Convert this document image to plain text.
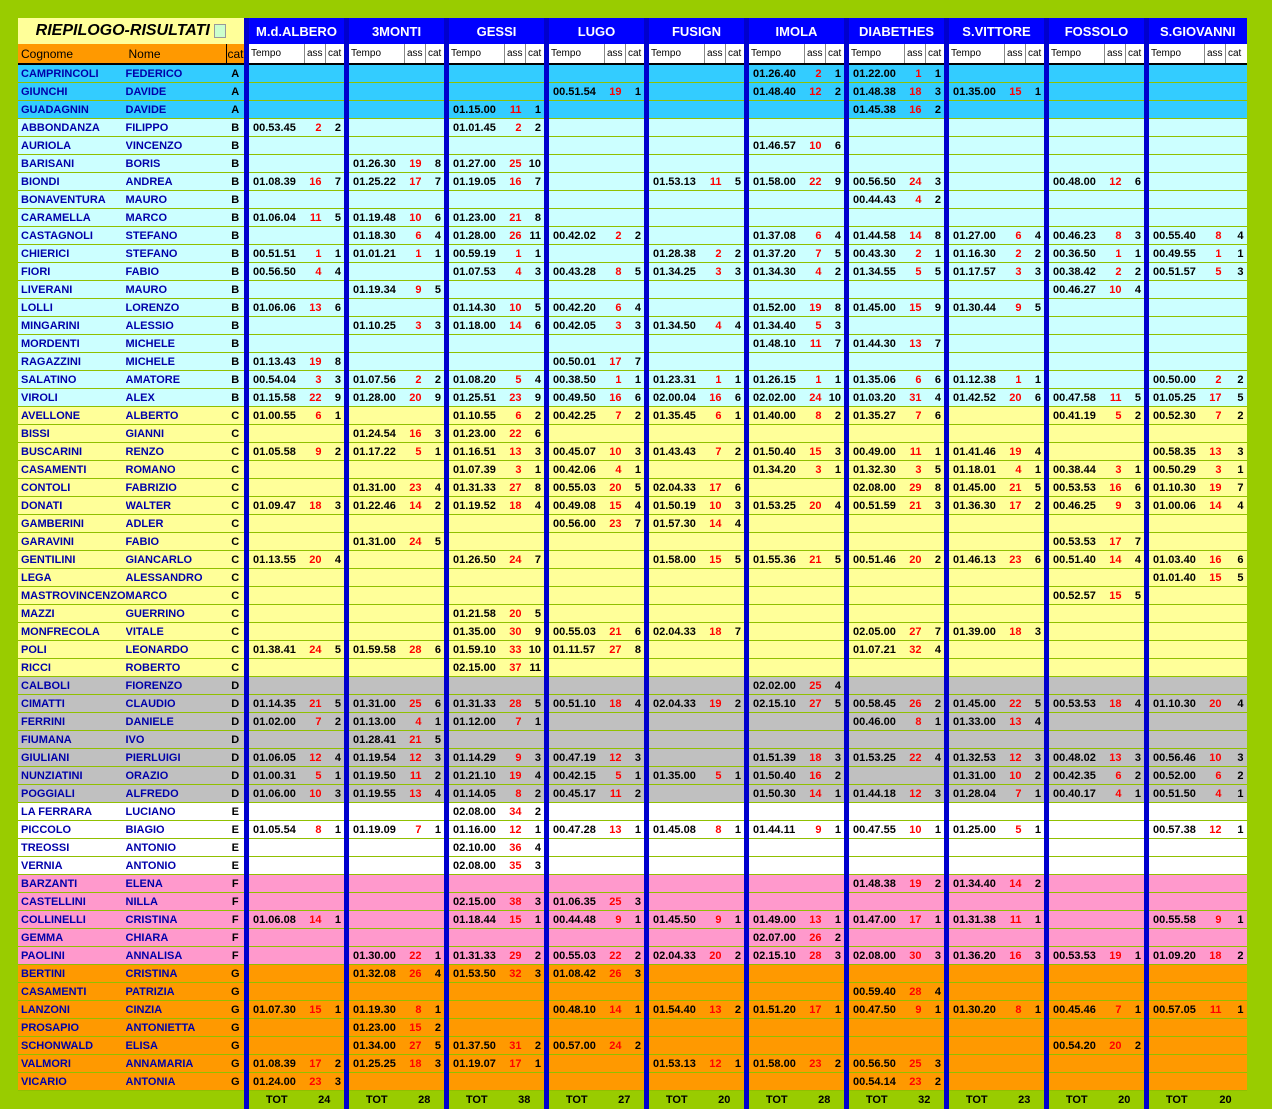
RIEPILOGO-RISULTATI			M.d.ALBERO			3MONTI			GESSI			LUGO			FUSIGN			IMOLA			DIABETHES			S.VITTORE			FOSSOLO			S.GIOVANNI		
Cognome	Nome	cat	Tempo	ass	cat	Tempo	ass	cat	Tempo	ass	cat	Tempo	ass	cat	Tempo	ass	cat	Tempo	ass	cat	Tempo	ass	cat	Tempo	ass	cat	Tempo	ass	cat	Tempo	ass	cat
CAMPRINCOLI	FEDERICO	A																01.26.40	2	1	01.22.00	1	1									
GIUNCHI	DAVIDE	A										00.51.54	19	1				01.48.40	12	2	01.48.38	18	3	01.35.00	15	1						
GUADAGNIN	DAVIDE	A							01.15.00	11	1										01.45.38	16	2									
ABBONDANZA	FILIPPO	B	00.53.45	2	2				01.01.45	2	2																					
AURIOLA	VINCENZO	B																01.46.57	10	6												
BARISANI	BORIS	B				01.26.30	19	8	01.27.00	25	10																					
BIONDI	ANDREA	B	01.08.39	16	7	01.25.22	17	7	01.19.05	16	7				01.53.13	11	5	01.58.00	22	9	00.56.50	24	3				00.48.00	12	6			
BONAVENTURA	MAURO	B																			00.44.43	4	2									
CARAMELLA	MARCO	B	01.06.04	11	5	01.19.48	10	6	01.23.00	21	8																					
CASTAGNOLI	STEFANO	B				01.18.30	6	4	01.28.00	26	11	00.42.02	2	2				01.37.08	6	4	01.44.58	14	8	01.27.00	6	4	00.46.23	8	3	00.55.40	8	4
CHIERICI	STEFANO	B	00.51.51	1	1	01.01.21	1	1	00.59.19	1	1				01.28.38	2	2	01.37.20	7	5	00.43.30	2	1	01.16.30	2	2	00.36.50	1	1	00.49.55	1	1
FIORI	FABIO	B	00.56.50	4	4				01.07.53	4	3	00.43.28	8	5	01.34.25	3	3	01.34.30	4	2	01.34.55	5	5	01.17.57	3	3	00.38.42	2	2	00.51.57	5	3
LIVERANI	MAURO	B				01.19.34	9	5																			00.46.27	10	4			
LOLLI	LORENZO	B	01.06.06	13	6				01.14.30	10	5	00.42.20	6	4				01.52.00	19	8	01.45.00	15	9	01.30.44	9	5						
MINGARINI	ALESSIO	B				01.10.25	3	3	01.18.00	14	6	00.42.05	3	3	01.34.50	4	4	01.34.40	5	3												
MORDENTI	MICHELE	B																01.48.10	11	7	01.44.30	13	7									
RAGAZZINI	MICHELE	B	01.13.43	19	8							00.50.01	17	7																		
SALATINO	AMATORE	B	00.54.04	3	3	01.07.56	2	2	01.08.20	5	4	00.38.50	1	1	01.23.31	1	1	01.26.15	1	1	01.35.06	6	6	01.12.38	1	1				00.50.00	2	2
VIROLI	ALEX	B	01.15.58	22	9	01.28.00	20	9	01.25.51	23	9	00.49.50	16	6	02.00.04	16	6	02.02.00	24	10	01.03.20	31	4	01.42.52	20	6	00.47.58	11	5	01.05.25	17	5
AVELLONE	ALBERTO	C	01.00.55	6	1				01.10.55	6	2	00.42.25	7	2	01.35.45	6	1	01.40.00	8	2	01.35.27	7	6				00.41.19	5	2	00.52.30	7	2
BISSI	GIANNI	C				01.24.54	16	3	01.23.00	22	6																					
BUSCARINI	RENZO	C	01.05.58	9	2	01.17.22	5	1	01.16.51	13	3	00.45.07	10	3	01.43.43	7	2	01.50.40	15	3	00.49.00	11	1	01.41.46	19	4				00.58.35	13	3
CASAMENTI	ROMANO	C							01.07.39	3	1	00.42.06	4	1				01.34.20	3	1	01.32.30	3	5	01.18.01	4	1	00.38.44	3	1	00.50.29	3	1
CONTOLI	FABRIZIO	C				01.31.00	23	4	01.31.33	27	8	00.55.03	20	5	02.04.33	17	6				02.08.00	29	8	01.45.00	21	5	00.53.53	16	6	01.10.30	19	7
DONATI	WALTER	C	01.09.47	18	3	01.22.46	14	2	01.19.52	18	4	00.49.08	15	4	01.50.19	10	3	01.53.25	20	4	00.51.59	21	3	01.36.30	17	2	00.46.25	9	3	01.00.06	14	4
GAMBERINI	ADLER	C										00.56.00	23	7	01.57.30	14	4															
GARAVINI	FABIO	C				01.31.00	24	5																			00.53.53	17	7			
GENTILINI	GIANCARLO	C	01.13.55	20	4				01.26.50	24	7				01.58.00	15	5	01.55.36	21	5	00.51.46	20	2	01.46.13	23	6	00.51.40	14	4	01.03.40	16	6
LEGA	ALESSANDRO	C																												01.01.40	15	5
MASTROVINCENZO	MARCO	C																									00.52.57	15	5			
MAZZI	GUERRINO	C							01.21.58	20	5																					
MONFRECOLA	VITALE	C							01.35.00	30	9	00.55.03	21	6	02.04.33	18	7				02.05.00	27	7	01.39.00	18	3						
POLI	LEONARDO	C	01.38.41	24	5	01.59.58	28	6	01.59.10	33	10	01.11.57	27	8							01.07.21	32	4									
RICCI	ROBERTO	C							02.15.00	37	11																					
CALBOLI	FIORENZO	D																02.02.00	25	4												
CIMATTI	CLAUDIO	D	01.14.35	21	5	01.31.00	25	6	01.31.33	28	5	00.51.10	18	4	02.04.33	19	2	02.15.10	27	5	00.58.45	26	2	01.45.00	22	5	00.53.53	18	4	01.10.30	20	4
FERRINI	DANIELE	D	01.02.00	7	2	01.13.00	4	1	01.12.00	7	1										00.46.00	8	1	01.33.00	13	4						
FIUMANA	IVO	D				01.28.41	21	5																								
GIULIANI	PIERLUIGI	D	01.06.05	12	4	01.19.54	12	3	01.14.29	9	3	00.47.19	12	3				01.51.39	18	3	01.53.25	22	4	01.32.53	12	3	00.48.02	13	3	00.56.46	10	3
NUNZIATINI	ORAZIO	D	01.00.31	5	1	01.19.50	11	2	01.21.10	19	4	00.42.15	5	1	01.35.00	5	1	01.50.40	16	2				01.31.00	10	2	00.42.35	6	2	00.52.00	6	2
POGGIALI	ALFREDO	D	01.06.00	10	3	01.19.55	13	4	01.14.05	8	2	00.45.17	11	2				01.50.30	14	1	01.44.18	12	3	01.28.04	7	1	00.40.17	4	1	00.51.50	4	1
LA FERRARA	LUCIANO	E							02.08.00	34	2																					
PICCOLO	BIAGIO	E	01.05.54	8	1	01.19.09	7	1	01.16.00	12	1	00.47.28	13	1	01.45.08	8	1	01.44.11	9	1	00.47.55	10	1	01.25.00	5	1				00.57.38	12	1
TREOSSI	ANTONIO	E							02.10.00	36	4																					
VERNIA	ANTONIO	E							02.08.00	35	3																					
BARZANTI	ELENA	F																			01.48.38	19	2	01.34.40	14	2						
CASTELLINI	NILLA	F							02.15.00	38	3	01.06.35	25	3																		
COLLINELLI	CRISTINA	F	01.06.08	14	1				01.18.44	15	1	00.44.48	9	1	01.45.50	9	1	01.49.00	13	1	01.47.00	17	1	01.31.38	11	1				00.55.58	9	1
GEMMA	CHIARA	F																02.07.00	26	2												
PAOLINI	ANNALISA	F				01.30.00	22	1	01.31.33	29	2	00.55.03	22	2	02.04.33	20	2	02.15.10	28	3	02.08.00	30	3	01.36.20	16	3	00.53.53	19	1	01.09.20	18	2
BERTINI	CRISTINA	G				01.32.08	26	4	01.53.50	32	3	01.08.42	26	3																		
CASAMENTI	PATRIZIA	G																			00.59.40	28	4									
LANZONI	CINZIA	G	01.07.30	15	1	01.19.30	8	1				00.48.10	14	1	01.54.40	13	2	01.51.20	17	1	00.47.50	9	1	01.30.20	8	1	00.45.46	7	1	00.57.05	11	1
PROSAPIO	ANTONIETTA	G				01.23.00	15	2																								
SCHONWALD	ELISA	G				01.34.00	27	5	01.37.50	31	2	00.57.00	24	2													00.54.20	20	2			
VALMORI	ANNAMARIA	G	01.08.39	17	2	01.25.25	18	3	01.19.07	17	1				01.53.13	12	1	01.58.00	23	2	00.56.50	25	3									
VICARIO	ANTONIA	G	01.24.00	23	3																00.54.14	23	2									
			TOT	24		TOT	28		TOT	38		TOT	27		TOT	20		TOT	28		TOT	32		TOT	23		TOT	20		TOT	20	
